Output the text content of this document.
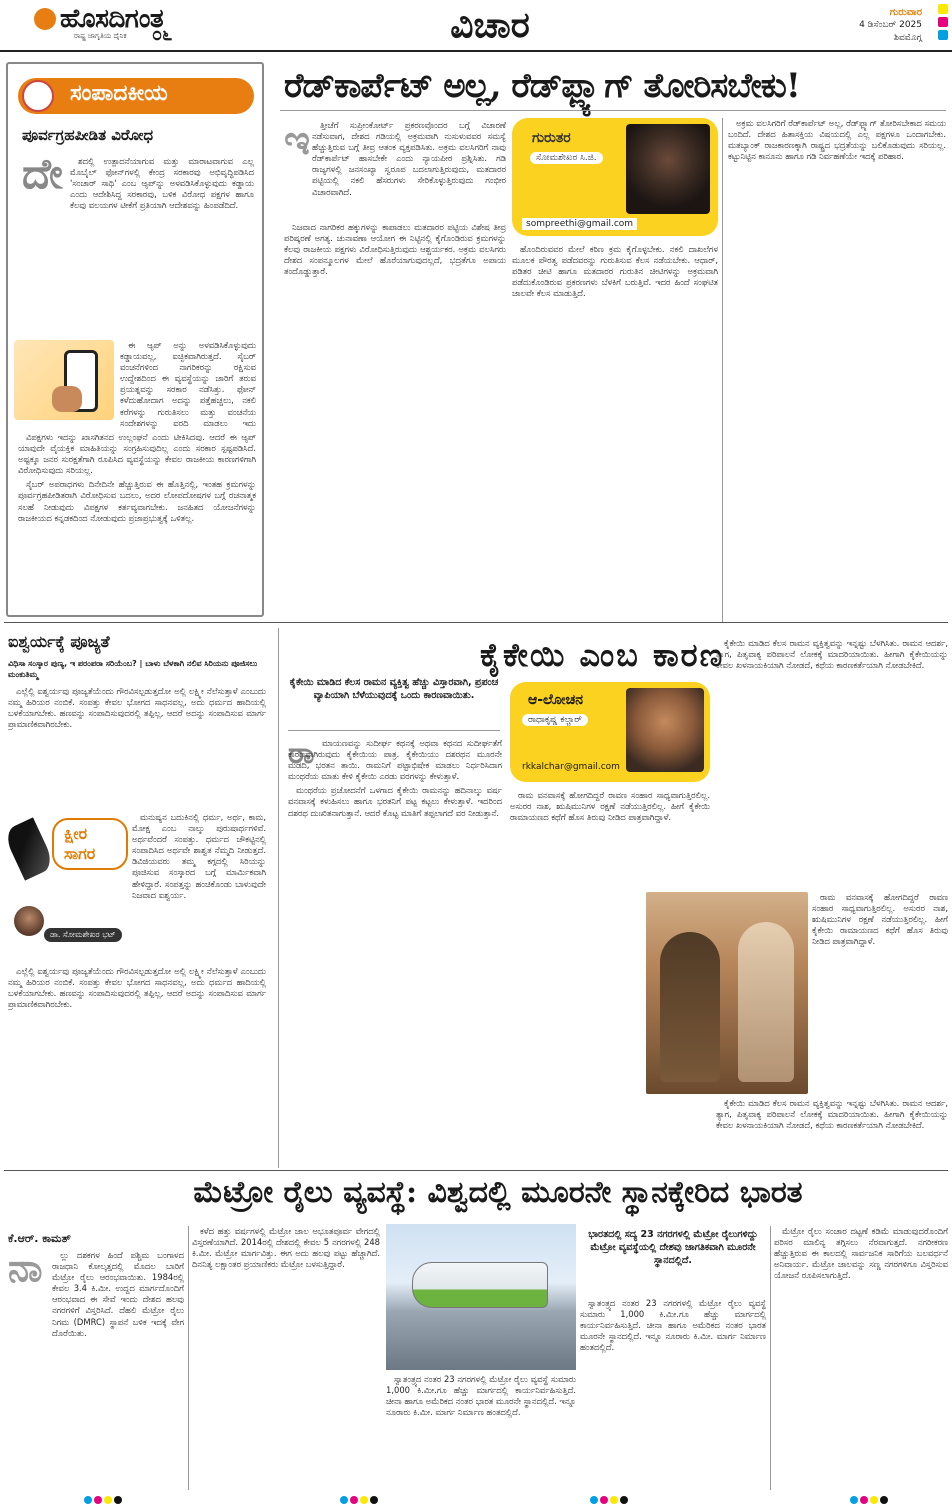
ಹೊಸದಿಗಂತ
ರಾಷ್ಟ್ರ ಜಾಗೃತಿಯ ದೈನಿಕ ೦೬	ವಿಚಾರ	ಗುರುವಾರ
4 ಡಿಸೆಂಬರ್ 2025
ಶಿವಮೊಗ್ಗ
ಸಂಪಾದಕೀಯ
ಪೂರ್ವಗ್ರಹಪೀಡಿತ ವಿರೋಧ
ದೇ	ಶದಲ್ಲಿ ಉತ್ಪಾದನೆಯಾಗುವ ಮತ್ತು ಮಾರಾಟವಾಗುವ ಎಲ್ಲ ಮೊಬೈಲ್ ಫೋನ್‌ಗಳಲ್ಲಿ ಕೇಂದ್ರ ಸರಕಾರವು ಅಭಿವೃದ್ಧಿಪಡಿಸಿದ 'ಸಂಚಾರ್ ಸಾಥಿ' ಎಂಬ ಆ್ಯಪ್‌ನ್ನು ಅಳವಡಿಸಿಕೊಳ್ಳುವುದು ಕಡ್ಡಾಯ ಎಂದು ಆದೇಶಿಸಿದ್ದ ಸರಕಾರವು, ಬಳಿಕ ವಿರೋಧ ಪಕ್ಷಗಳ ಹಾಗೂ ಕೆಲವು ವಲಯಗಳ ಟೀಕೆಗೆ ಪ್ರತಿಯಾಗಿ ಆದೇಶವನ್ನು ಹಿಂಪಡೆದಿದೆ.

ಈ ಆ್ಯಪ್ ಅನ್ನು ಅಳವಡಿಸಿಕೊಳ್ಳುವುದು ಕಡ್ಡಾಯವಲ್ಲ, ಐಚ್ಛಿಕವಾಗಿರುತ್ತದೆ. ಸೈಬರ್ ವಂಚನೆಗಳಿಂದ ನಾಗರಿಕರನ್ನು ರಕ್ಷಿಸುವ ಉದ್ದೇಶದಿಂದ ಈ ವ್ಯವಸ್ಥೆಯನ್ನು ಜಾರಿಗೆ ತರುವ ಪ್ರಯತ್ನವನ್ನು ಸರಕಾರ ನಡೆಸಿತ್ತು. ಫೋನ್ ಕಳೆದುಹೋದಾಗ ಅದನ್ನು ಪತ್ತೆಹಚ್ಚಲು, ನಕಲಿ ಕರೆಗಳನ್ನು ಗುರುತಿಸಲು ಮತ್ತು ವಂಚನೆಯ ಸಂದೇಶಗಳನ್ನು ವರದಿ ಮಾಡಲು ಇದು

ವಿಪಕ್ಷಗಳು ಇದನ್ನು ಖಾಸಗಿತನದ ಉಲ್ಲಂಘನೆ ಎಂದು ಟೀಕಿಸಿದವು. ಆದರೆ ಈ ಆ್ಯಪ್ ಯಾವುದೇ ವೈಯಕ್ತಿಕ ಮಾಹಿತಿಯನ್ನು ಸಂಗ್ರಹಿಸುವುದಿಲ್ಲ ಎಂದು ಸರಕಾರ ಸ್ಪಷ್ಟಪಡಿಸಿದೆ. ಅಷ್ಟಕ್ಕೂ ಜನರ ಸುರಕ್ಷತೆಗಾಗಿ ರೂಪಿಸಿದ ವ್ಯವಸ್ಥೆಯನ್ನು ಕೇವಲ ರಾಜಕೀಯ ಕಾರಣಗಳಿಗಾಗಿ ವಿರೋಧಿಸುವುದು ಸರಿಯಲ್ಲ.

ಸೈಬರ್ ಅಪರಾಧಗಳು ದಿನೇದಿನೇ ಹೆಚ್ಚುತ್ತಿರುವ ಈ ಹೊತ್ತಿನಲ್ಲಿ, ಇಂತಹ ಕ್ರಮಗಳನ್ನು ಪೂರ್ವಗ್ರಹಪೀಡಿತರಾಗಿ ವಿರೋಧಿಸುವ ಬದಲು, ಅದರ ಲೋಪದೋಷಗಳ ಬಗ್ಗೆ ರಚನಾತ್ಮಕ ಸಲಹೆ ನೀಡುವುದು ವಿಪಕ್ಷಗಳ ಕರ್ತವ್ಯವಾಗಬೇಕು. ಜನಹಿತದ ಯೋಜನೆಗಳನ್ನು ರಾಜಕೀಯದ ಕನ್ನಡಕದಿಂದ ನೋಡುವುದು ಪ್ರಜಾಪ್ರಭುತ್ವಕ್ಕೆ ಒಳಿತಲ್ಲ.

ರೆಡ್‌ಕಾರ್ಪೆಟ್ ಅಲ್ಲ, ರೆಡ್‌ಫ್ಲ್ಯಾಗ್ ತೋರಿಸಬೇಕು!
ಇ	ತ್ತೀಚೆಗೆ ಸುಪ್ರೀಂಕೋರ್ಟ್ ಪ್ರಕರಣವೊಂದರ ಬಗ್ಗೆ ವಿಚಾರಣೆ ನಡೆಸುವಾಗ, ದೇಶದ ಗಡಿಯಲ್ಲಿ ಅಕ್ರಮವಾಗಿ ನುಸುಳುವವರ ಸಮಸ್ಯೆ ಹೆಚ್ಚುತ್ತಿರುವ ಬಗ್ಗೆ ತೀವ್ರ ಆತಂಕ ವ್ಯಕ್ತಪಡಿಸಿತು. ಅಕ್ರಮ ವಲಸಿಗರಿಗೆ ನಾವು ರೆಡ್‌ಕಾರ್ಪೆಟ್ ಹಾಸಬೇಕೇ ಎಂದು ನ್ಯಾಯಪೀಠ ಪ್ರಶ್ನಿಸಿತು. ಗಡಿ ರಾಜ್ಯಗಳಲ್ಲಿ ಜನಸಂಖ್ಯಾ ಸ್ವರೂಪ ಬದಲಾಗುತ್ತಿರುವುದು, ಮತದಾರರ ಪಟ್ಟಿಯಲ್ಲಿ ನಕಲಿ ಹೆಸರುಗಳು ಸೇರಿಕೊಳ್ಳುತ್ತಿರುವುದು ಗಂಭೀರ ವಿಚಾರವಾಗಿದೆ.

ನಿಜವಾದ ನಾಗರಿಕರ ಹಕ್ಕುಗಳನ್ನು ಕಾಪಾಡಲು ಮತದಾರರ ಪಟ್ಟಿಯ ವಿಶೇಷ ತೀವ್ರ ಪರಿಷ್ಕರಣೆ ಅಗತ್ಯ. ಚುನಾವಣಾ ಆಯೋಗ ಈ ನಿಟ್ಟಿನಲ್ಲಿ ಕೈಗೊಂಡಿರುವ ಕ್ರಮಗಳನ್ನು ಕೆಲವು ರಾಜಕೀಯ ಪಕ್ಷಗಳು ವಿರೋಧಿಸುತ್ತಿರುವುದು ಆಶ್ಚರ್ಯಕರ. ಅಕ್ರಮ ವಲಸಿಗರು ದೇಶದ ಸಂಪನ್ಮೂಲಗಳ ಮೇಲೆ ಹೊರೆಯಾಗುವುದಲ್ಲದೆ, ಭದ್ರತೆಗೂ ಅಪಾಯ ತಂದೊಡ್ಡುತ್ತಾರೆ.

ಗುರುತರ
ಸೋಮಶೇಖರ ಸಿ.ಜಿ.
sompreethi@gmail.com

ಹೊಂದಿರುವವರ ಮೇಲೆ ಕಠಿಣ ಕ್ರಮ ಕೈಗೊಳ್ಳಬೇಕು. ನಕಲಿ ದಾಖಲೆಗಳ ಮೂಲಕ ಪೌರತ್ವ ಪಡೆದವರನ್ನು ಗುರುತಿಸುವ ಕೆಲಸ ನಡೆಯಬೇಕು. ಆಧಾರ್, ಪಡಿತರ ಚೀಟಿ ಹಾಗೂ ಮತದಾರರ ಗುರುತಿನ ಚೀಟಿಗಳನ್ನು ಅಕ್ರಮವಾಗಿ ಪಡೆದುಕೊಂಡಿರುವ ಪ್ರಕರಣಗಳು ಬೆಳಕಿಗೆ ಬರುತ್ತಿವೆ. ಇದರ ಹಿಂದೆ ಸಂಘಟಿತ ಜಾಲವೇ ಕೆಲಸ ಮಾಡುತ್ತಿದೆ.

ಅಕ್ರಮ ವಲಸಿಗರಿಗೆ ರೆಡ್‌ಕಾರ್ಪೆಟ್ ಅಲ್ಲ, ರೆಡ್‌ಫ್ಲ್ಯಾಗ್ ತೋರಿಸಬೇಕಾದ ಸಮಯ ಬಂದಿದೆ. ದೇಶದ ಹಿತಾಸಕ್ತಿಯ ವಿಷಯದಲ್ಲಿ ಎಲ್ಲ ಪಕ್ಷಗಳೂ ಒಂದಾಗಬೇಕು. ಮತಬ್ಯಾಂಕ್ ರಾಜಕಾರಣಕ್ಕಾಗಿ ರಾಷ್ಟ್ರದ ಭದ್ರತೆಯನ್ನು ಬಲಿಕೊಡುವುದು ಸರಿಯಲ್ಲ. ಕಟ್ಟುನಿಟ್ಟಿನ ಕಾನೂನು ಹಾಗೂ ಗಡಿ ನಿರ್ವಹಣೆಯೇ ಇದಕ್ಕೆ ಪರಿಹಾರ.

ಐಶ್ವರ್ಯಕ್ಕೆ ಪೂಜ್ಯತೆ
ವಿಧಿಸಾ ಸಂಸ್ಕಾರ ಪುಣ್ಯ, ಇ ಪರಂಪರಾ ಸರಿಯೆಂಬ? | ಬಾಳು ಬೆಳಕಾಗಿ ನಲಿವ ಸಿರಿಯನು ಪೂಜಿಸಲು ಮಂಕುತಿಮ್ಮ

ಎಲ್ಲೆಲ್ಲಿ ಐಶ್ವರ್ಯವು ಪೂಜ್ಯತೆಯೆಂದು ಗೌರವಿಸಲ್ಪಡುತ್ತದೋ ಅಲ್ಲಿ ಲಕ್ಷ್ಮೀ ನೆಲೆಸುತ್ತಾಳೆ ಎಂಬುದು ನಮ್ಮ ಹಿರಿಯರ ನಂಬಿಕೆ. ಸಂಪತ್ತು ಕೇವಲ ಭೋಗದ ಸಾಧನವಲ್ಲ, ಅದು ಧರ್ಮದ ಹಾದಿಯಲ್ಲಿ ಬಳಕೆಯಾಗಬೇಕು. ಹಣವನ್ನು ಸಂಪಾದಿಸುವುದರಲ್ಲಿ ತಪ್ಪಿಲ್ಲ, ಆದರೆ ಅದನ್ನು ಸಂಪಾದಿಸುವ ಮಾರ್ಗ ಪ್ರಾಮಾಣಿಕವಾಗಿರಬೇಕು.

ಕ್ಷೀರ ಸಾಗರ
ಡಾ. ಸೋಮಶೇಖರ ಭಟ್

ಮನುಷ್ಯನ ಬದುಕಿನಲ್ಲಿ ಧರ್ಮ, ಅರ್ಥ, ಕಾಮ, ಮೋಕ್ಷ ಎಂಬ ನಾಲ್ಕು ಪುರುಷಾರ್ಥಗಳಿವೆ. ಅರ್ಥವೆಂದರೆ ಸಂಪತ್ತು. ಧರ್ಮದ ಚೌಕಟ್ಟಿನಲ್ಲಿ ಸಂಪಾದಿಸಿದ ಅರ್ಥವೇ ಶಾಶ್ವತ ನೆಮ್ಮದಿ ನೀಡುತ್ತದೆ. ಡಿವಿಜಿಯವರು ತಮ್ಮ ಕಗ್ಗದಲ್ಲಿ ಸಿರಿಯನ್ನು ಪೂಜಿಸುವ ಸಂಸ್ಕಾರದ ಬಗ್ಗೆ ಮಾರ್ಮಿಕವಾಗಿ ಹೇಳಿದ್ದಾರೆ. ಸಂಪತ್ತನ್ನು ಹಂಚಿಕೊಂಡು ಬಾಳುವುದೇ ನಿಜವಾದ ಐಶ್ವರ್ಯ.

ಎಲ್ಲೆಲ್ಲಿ ಐಶ್ವರ್ಯವು ಪೂಜ್ಯತೆಯೆಂದು ಗೌರವಿಸಲ್ಪಡುತ್ತದೋ ಅಲ್ಲಿ ಲಕ್ಷ್ಮೀ ನೆಲೆಸುತ್ತಾಳೆ ಎಂಬುದು ನಮ್ಮ ಹಿರಿಯರ ನಂಬಿಕೆ. ಸಂಪತ್ತು ಕೇವಲ ಭೋಗದ ಸಾಧನವಲ್ಲ, ಅದು ಧರ್ಮದ ಹಾದಿಯಲ್ಲಿ ಬಳಕೆಯಾಗಬೇಕು. ಹಣವನ್ನು ಸಂಪಾದಿಸುವುದರಲ್ಲಿ ತಪ್ಪಿಲ್ಲ, ಆದರೆ ಅದನ್ನು ಸಂಪಾದಿಸುವ ಮಾರ್ಗ ಪ್ರಾಮಾಣಿಕವಾಗಿರಬೇಕು.

ಕೈಕೇಯಿ ಎಂಬ ಕಾರಣ
ಕೈಕೇಯಿ ಮಾಡಿದ ಕೆಲಸ ರಾಮನ ವ್ಯಕ್ತಿತ್ವ ಹೆಚ್ಚು ವಿಸ್ತಾರವಾಗಿ, ಪ್ರಪಂಚ ವ್ಯಾಪಿಯಾಗಿ ಬೆಳೆಯುವುದಕ್ಕೆ ಒಂದು ಕಾರಣವಾಯಿತು.
ರಾ ಮಾಯಣವನ್ನು ಸುದೀರ್ಘ ಕಥನಕ್ಕೆ ಅಥವಾ ಕಥನದ ಸುದೀರ್ಘತೆಗೆ ಕಾರಣವಾಗಿರುವುದು ಕೈಕೇಯಿಯ ಪಾತ್ರ. ಕೈಕೇಯಿಯು ದಶರಥನ ಮೂರನೇ ಮಡದಿ, ಭರತನ ತಾಯಿ. ರಾಮನಿಗೆ ಪಟ್ಟಾಭಿಷೇಕ ಮಾಡಲು ನಿರ್ಧರಿಸಿದಾಗ ಮಂಥರೆಯ ಮಾತು ಕೇಳಿ ಕೈಕೇಯಿ ಎರಡು ವರಗಳನ್ನು ಕೇಳುತ್ತಾಳೆ.

ಮಂಥರೆಯ ಪ್ರಚೋದನೆಗೆ ಒಳಗಾದ ಕೈಕೇಯಿ ರಾಮನನ್ನು ಹದಿನಾಲ್ಕು ವರ್ಷ ವನವಾಸಕ್ಕೆ ಕಳುಹಿಸಲು ಹಾಗೂ ಭರತನಿಗೆ ಪಟ್ಟ ಕಟ್ಟಲು ಕೇಳುತ್ತಾಳೆ. ಇದರಿಂದ ದಶರಥ ದುಃಖಿತನಾಗುತ್ತಾನೆ. ಆದರೆ ಕೊಟ್ಟ ಮಾತಿಗೆ ತಪ್ಪಲಾಗದೆ ವರ ನೀಡುತ್ತಾನೆ.

ಆ-ಲೋಚನ
ರಾಧಾಕೃಷ್ಣ ಕಲ್ಚಾರ್
rkkalchar@gmail.com

ರಾಮ ವನವಾಸಕ್ಕೆ ಹೋಗದಿದ್ದರೆ ರಾವಣ ಸಂಹಾರ ಸಾಧ್ಯವಾಗುತ್ತಿರಲಿಲ್ಲ. ಅಸುರರ ನಾಶ, ಋಷಿಮುನಿಗಳ ರಕ್ಷಣೆ ನಡೆಯುತ್ತಿರಲಿಲ್ಲ. ಹೀಗೆ ಕೈಕೇಯಿ ರಾಮಾಯಣದ ಕಥೆಗೆ ಹೊಸ ತಿರುವು ನೀಡಿದ ಪಾತ್ರವಾಗಿದ್ದಾಳೆ.

ಕೈಕೇಯಿ ಮಾಡಿದ ಕೆಲಸ ರಾಮನ ವ್ಯಕ್ತಿತ್ವವನ್ನು ಇನ್ನಷ್ಟು ಬೆಳಗಿಸಿತು. ರಾಮನ ಆದರ್ಶ, ತ್ಯಾಗ, ಪಿತೃವಾಕ್ಯ ಪರಿಪಾಲನೆ ಲೋಕಕ್ಕೆ ಮಾದರಿಯಾಯಿತು. ಹೀಗಾಗಿ ಕೈಕೇಯಿಯನ್ನು ಕೇವಲ ಖಳನಾಯಕಿಯಾಗಿ ನೋಡದೆ, ಕಥೆಯ ಕಾರಣಕರ್ತೆಯಾಗಿ ನೋಡಬೇಕಿದೆ.

ರಾಮ ವನವಾಸಕ್ಕೆ ಹೋಗದಿದ್ದರೆ ರಾವಣ ಸಂಹಾರ ಸಾಧ್ಯವಾಗುತ್ತಿರಲಿಲ್ಲ. ಅಸುರರ ನಾಶ, ಋಷಿಮುನಿಗಳ ರಕ್ಷಣೆ ನಡೆಯುತ್ತಿರಲಿಲ್ಲ. ಹೀಗೆ ಕೈಕೇಯಿ ರಾಮಾಯಣದ ಕಥೆಗೆ ಹೊಸ ತಿರುವು ನೀಡಿದ ಪಾತ್ರವಾಗಿದ್ದಾಳೆ.

ಕೈಕೇಯಿ ಮಾಡಿದ ಕೆಲಸ ರಾಮನ ವ್ಯಕ್ತಿತ್ವವನ್ನು ಇನ್ನಷ್ಟು ಬೆಳಗಿಸಿತು. ರಾಮನ ಆದರ್ಶ, ತ್ಯಾಗ, ಪಿತೃವಾಕ್ಯ ಪರಿಪಾಲನೆ ಲೋಕಕ್ಕೆ ಮಾದರಿಯಾಯಿತು. ಹೀಗಾಗಿ ಕೈಕೇಯಿಯನ್ನು ಕೇವಲ ಖಳನಾಯಕಿಯಾಗಿ ನೋಡದೆ, ಕಥೆಯ ಕಾರಣಕರ್ತೆಯಾಗಿ ನೋಡಬೇಕಿದೆ.

ಮೆಟ್ರೋ ರೈಲು ವ್ಯವಸ್ಥೆ: ವಿಶ್ವದಲ್ಲಿ ಮೂರನೇ ಸ್ಥಾನಕ್ಕೇರಿದ ಭಾರತ
ಕೆ.ಆರ್. ಕಾಮತ್
ನಾ	ಲ್ಲು ದಶಕಗಳ ಹಿಂದೆ ಪಶ್ಚಿಮ ಬಂಗಾಳದ ರಾಜಧಾನಿ ಕೋಲ್ಕತ್ತದಲ್ಲಿ ಮೊದಲ ಬಾರಿಗೆ ಮೆಟ್ರೋ ರೈಲು ಆರಂಭವಾಯಿತು. 1984ರಲ್ಲಿ ಕೇವಲ 3.4 ಕಿ.ಮೀ. ಉದ್ದದ ಮಾರ್ಗದೊಂದಿಗೆ ಆರಂಭವಾದ ಈ ಸೇವೆ ಇಂದು ದೇಶದ ಹಲವು ನಗರಗಳಿಗೆ ವಿಸ್ತರಿಸಿದೆ. ದೆಹಲಿ ಮೆಟ್ರೋ ರೈಲು ನಿಗಮ (DMRC) ಸ್ಥಾಪನೆ ಬಳಿಕ ಇದಕ್ಕೆ ವೇಗ ದೊರೆಯಿತು.

ಕಳೆದ ಹತ್ತು ವರ್ಷಗಳಲ್ಲಿ ಮೆಟ್ರೋ ಜಾಲ ಅಭೂತಪೂರ್ವ ವೇಗದಲ್ಲಿ ವಿಸ್ತರಣೆಯಾಗಿದೆ. 2014ರಲ್ಲಿ ದೇಶದಲ್ಲಿ ಕೇವಲ 5 ನಗರಗಳಲ್ಲಿ 248 ಕಿ.ಮೀ. ಮೆಟ್ರೋ ಮಾರ್ಗವಿತ್ತು. ಈಗ ಅದು ಹಲವು ಪಟ್ಟು ಹೆಚ್ಚಾಗಿದೆ. ದಿನನಿತ್ಯ ಲಕ್ಷಾಂತರ ಪ್ರಯಾಣಿಕರು ಮೆಟ್ರೋ ಬಳಸುತ್ತಿದ್ದಾರೆ.

ಸ್ವಾತಂತ್ರ್ಯದ ನಂತರ 23 ನಗರಗಳಲ್ಲಿ ಮೆಟ್ರೋ ರೈಲು ವ್ಯವಸ್ಥೆ ಸುಮಾರು 1,000 ಕಿ.ಮೀ.ಗೂ ಹೆಚ್ಚು ಮಾರ್ಗದಲ್ಲಿ ಕಾರ್ಯನಿರ್ವಹಿಸುತ್ತಿದೆ. ಚೀನಾ ಹಾಗೂ ಅಮೆರಿಕದ ನಂತರ ಭಾರತ ಮೂರನೇ ಸ್ಥಾನದಲ್ಲಿದೆ. ಇನ್ನೂ ನೂರಾರು ಕಿ.ಮೀ. ಮಾರ್ಗ ನಿರ್ಮಾಣ ಹಂತದಲ್ಲಿದೆ.

ಭಾರತದಲ್ಲಿ ಸದ್ಯ 23 ನಗರಗಳಲ್ಲಿ ಮೆಟ್ರೋ ರೈಲುಗಳಿದ್ದು ಮೆಟ್ರೋ ವ್ಯವಸ್ಥೆಯಲ್ಲಿ ದೇಶವು ಜಾಗತಿಕವಾಗಿ ಮೂರನೇ ಸ್ಥಾನದಲ್ಲಿದೆ.

ಸ್ವಾತಂತ್ರ್ಯದ ನಂತರ 23 ನಗರಗಳಲ್ಲಿ ಮೆಟ್ರೋ ರೈಲು ವ್ಯವಸ್ಥೆ ಸುಮಾರು 1,000 ಕಿ.ಮೀ.ಗೂ ಹೆಚ್ಚು ಮಾರ್ಗದಲ್ಲಿ ಕಾರ್ಯನಿರ್ವಹಿಸುತ್ತಿದೆ. ಚೀನಾ ಹಾಗೂ ಅಮೆರಿಕದ ನಂತರ ಭಾರತ ಮೂರನೇ ಸ್ಥಾನದಲ್ಲಿದೆ. ಇನ್ನೂ ನೂರಾರು ಕಿ.ಮೀ. ಮಾರ್ಗ ನಿರ್ಮಾಣ ಹಂತದಲ್ಲಿದೆ.

ಮೆಟ್ರೋ ರೈಲು ಸಂಚಾರ ದಟ್ಟಣೆ ಕಡಿಮೆ ಮಾಡುವುದರೊಂದಿಗೆ ಪರಿಸರ ಮಾಲಿನ್ಯ ತಗ್ಗಿಸಲು ನೆರವಾಗುತ್ತದೆ. ನಗರೀಕರಣ ಹೆಚ್ಚುತ್ತಿರುವ ಈ ಕಾಲದಲ್ಲಿ ಸಾರ್ವಜನಿಕ ಸಾರಿಗೆಯ ಬಲವರ್ಧನೆ ಅನಿವಾರ್ಯ. ಮೆಟ್ರೋ ಜಾಲವನ್ನು ಸಣ್ಣ ನಗರಗಳಿಗೂ ವಿಸ್ತರಿಸುವ ಯೋಜನೆ ರೂಪಿಸಲಾಗುತ್ತಿದೆ.
